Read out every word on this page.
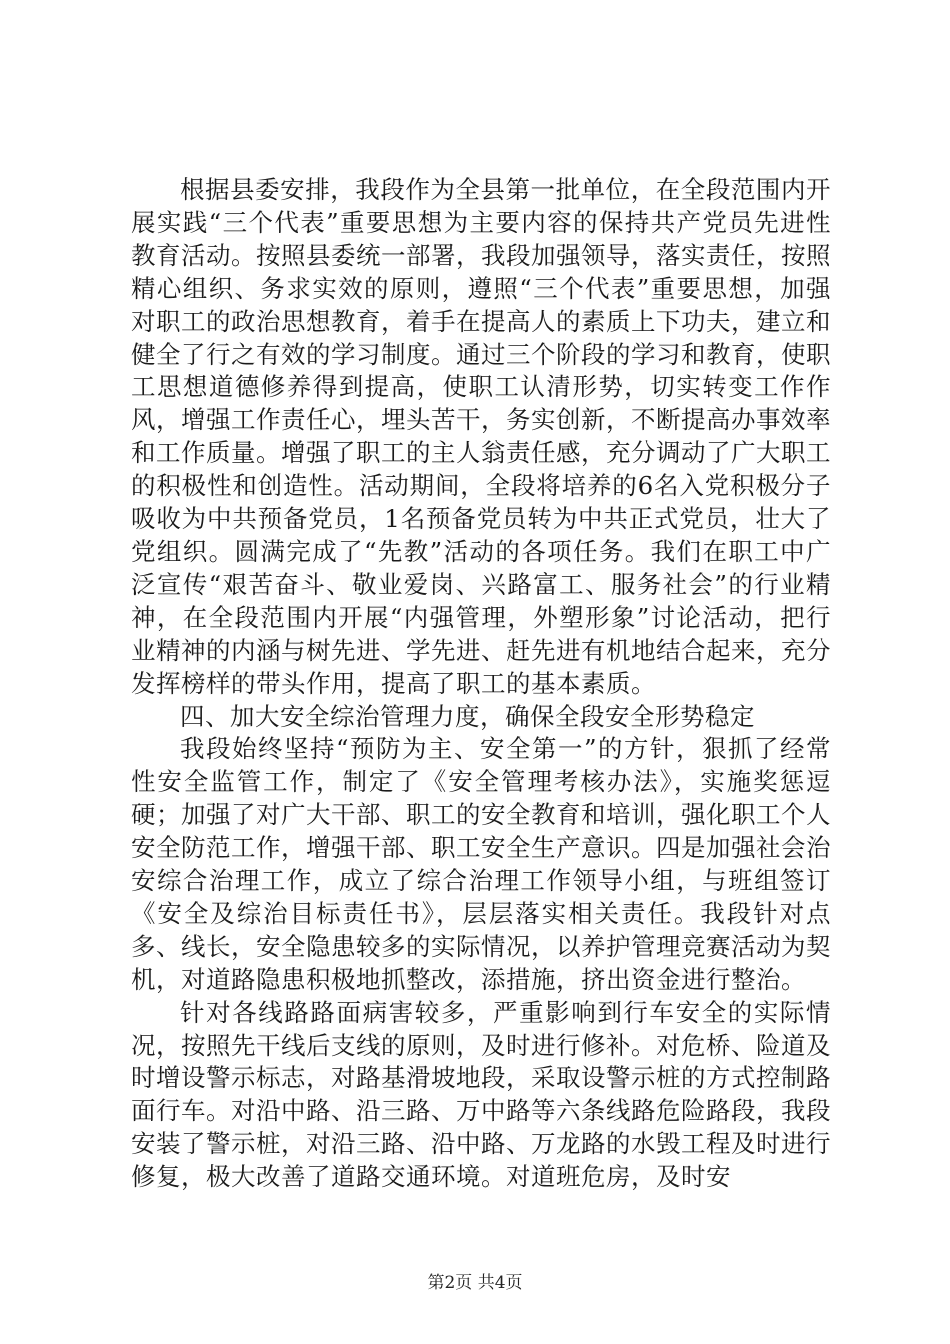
根据县委安排，我段作为全县第一批单位，在全段范围内开展实践“三个代表”重要思想为主要内容的保持共产党员先进性教育活动。按照县委统一部署，我段加强领导，落实责任，按照精心组织、务求实效的原则，遵照“三个代表”重要思想，加强对职工的政治思想教育，着手在提高人的素质上下功夫，建立和健全了行之有效的学习制度。通过三个阶段的学习和教育，使职工思想道德修养得到提高，使职工认清形势，切实转变工作作风，增强工作责任心，埋头苦干，务实创新，不断提高办事效率和工作质量。增强了职工的主人翁责任感，充分调动了广大职工的积极性和创造性。活动期间，全段将培养的6名入党积极分子吸收为中共预备党员，1名预备党员转为中共正式党员，壮大了党组织。圆满完成了“先教”活动的各项任务。我们在职工中广泛宣传“艰苦奋斗、敬业爱岗、兴路富工、服务社会”的行业精神，在全段范围内开展“内强管理，外塑形象”讨论活动，把行业精神的内涵与树先进、学先进、赶先进有机地结合起来，充分发挥榜样的带头作用，提高了职工的基本素质。

四、加大安全综治管理力度，确保全段安全形势稳定

我段始终坚持“预防为主、安全第一”的方针，狠抓了经常性安全监管工作，制定了《安全管理考核办法》，实施奖惩逗硬；加强了对广大干部、职工的安全教育和培训，强化职工个人安全防范工作，增强干部、职工安全生产意识。四是加强社会治安综合治理工作，成立了综合治理工作领导小组，与班组签订《安全及综治目标责任书》，层层落实相关责任。我段针对点多、线长，安全隐患较多的实际情况，以养护管理竞赛活动为契机，对道路隐患积极地抓整改，添措施，挤出资金进行整治。

针对各线路路面病害较多，严重影响到行车安全的实际情况，按照先干线后支线的原则，及时进行修补。对危桥、险道及时增设警示标志，对路基滑坡地段，采取设警示桩的方式控制路面行车。对沿中路、沿三路、万中路等六条线路危险路段，我段安装了警示桩，对沿三路、沿中路、万龙路的水毁工程及时进行修复，极大改善了道路交通环境。对道班危房，及时安

第2页 共4页
